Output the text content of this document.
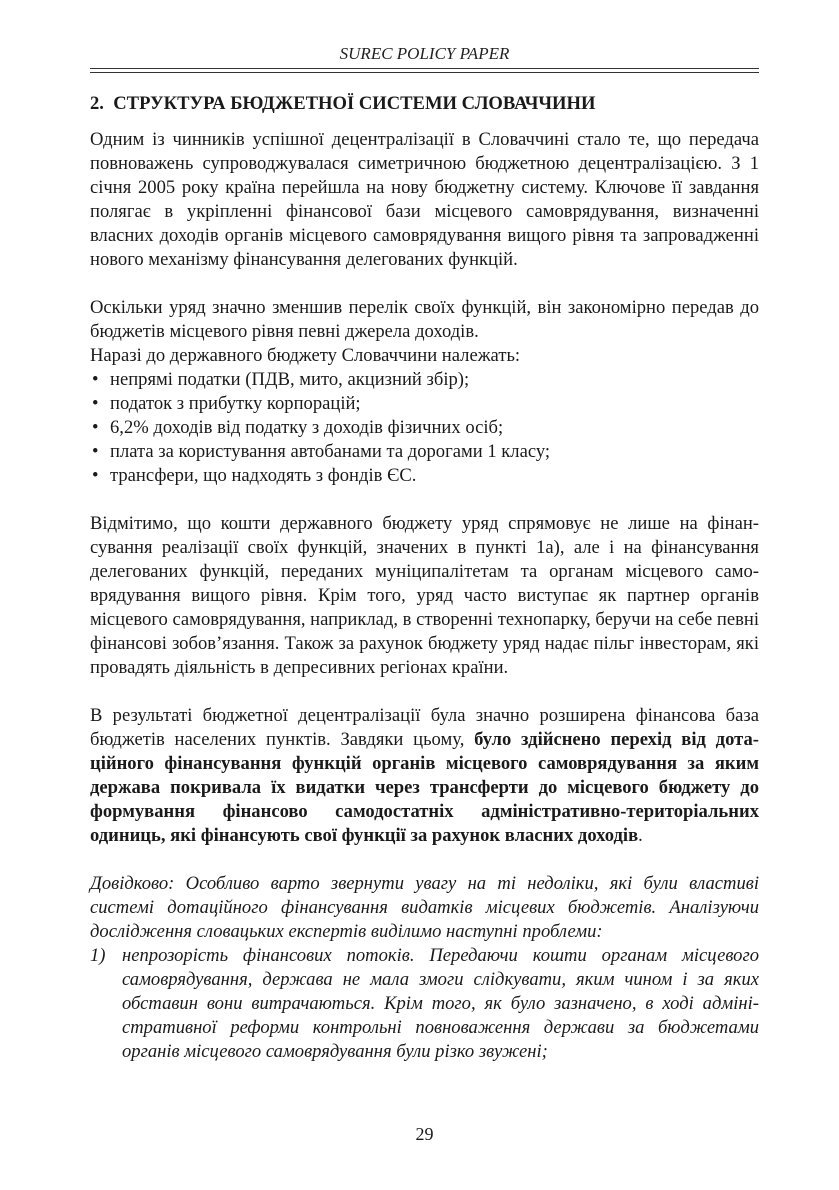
SUREC POLICY PAPER
2. СТРУКТУРА БЮДЖЕТНОЇ СИСТЕМИ СЛОВАЧЧИНИ

Одним із чинників успішної децентралізації в Словаччині стало те, що передача повноважень супроводжувалася симетричною бюджетною децентралізацією. З 1 січня 2005 року країна перейшла на нову бюджетну систему. Ключове її завдання полягає в укріпленні фінансової бази місцевого самоврядування, визначенні власних доходів органів місцевого самоврядування вищого рівня та запровадженні нового механізму фінансування делегованих функцій.

Оскільки уряд значно зменшив перелік своїх функцій, він закономірно передав до бюджетів місцевого рівня певні джерела доходів.

Наразі до державного бюджету Словаччини належать:

• непрямі податки (ПДВ, мито, акцизний збір);
• податок з прибутку корпорацій;
• 6,2% доходів від податку з доходів фізичних осіб;
• плата за користування автобанами та дорогами 1 класу;
• трансфери, що надходять з фондів ЄС.

Відмітимо, що кошти державного бюджету уряд спрямовує не лише на фінансування реалізації своїх функцій, значених в пункті 1а), але і на фінансування делегованих функцій, переданих муніципалітетам та органам місцевого самоврядування вищого рівня. Крім того, уряд часто виступає як партнер органів місцевого самоврядування, наприклад, в створенні технопарку, беручи на себе певні фінансові зобов’язання. Також за рахунок бюджету уряд надає пільг інвесторам, які провадять діяльність в депресивних регіонах країни.

В результаті бюджетної децентралізації була значно розширена фінансова база бюджетів населених пунктів. Завдяки цьому, було здійснено перехід від дотаційного фінансування функцій органів місцевого самоврядування за яким держава покривала їх видатки через трансферти до місцевого бюджету до формування фінансово самодостатніх адміністративно-територіальних одиниць, які фінансують свої функції за рахунок власних доходів.

Довідково: Особливо варто звернути увагу на ті недоліки, які були властиві системі дотаційного фінансування видатків місцевих бюджетів. Аналізуючи дослідження словацьких експертів виділимо наступні проблеми:

1) непрозорість фінансових потоків. Передаючи кошти органам місцевого самоврядування, держава не мала змоги слідкувати, яким чином і за яких обставин вони витрачаються. Крім того, як було зазначено, в ході адміністративної реформи контрольні повноваження держави за бюджетами органів місцевого самоврядування були різко звужені;
29
